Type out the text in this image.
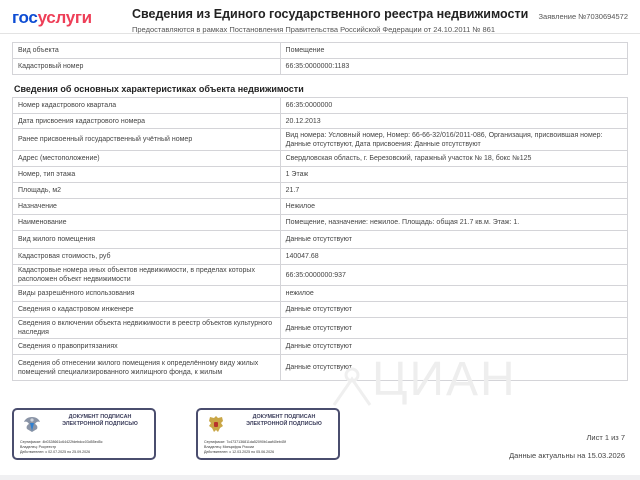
госуслуги	Сведения из Единого государственного реестра недвижимости
Предоставляются в рамках Постановления Правительства Российской Федерации от 24.10.2011 № 861
Заявление №7030694572
Вид объекта	Помещение
Кадастровый номер	66:35:0000000:1183
Сведения об основных характеристиках объекта недвижимости
Номер кадастрового квартала	66:35:0000000
Дата присвоения кадастрового номера	20.12.2013
Ранее присвоенный государственный учётный номер	Вид номера: Условный номер, Номер: 66-66-32/016/2011-086, Организация, присвоившая номер: Данные отсутствуют, Дата присвоения: Данные отсутствуют
Адрес (местоположение)	Свердловская область, г. Березовский, гаражный участок № 18, бокс №125
Номер, тип этажа	1 Этаж
Площадь, м2	21.7
Назначение	Нежилое
Наименование	Помещение, назначение: нежилое. Площадь: общая 21.7 кв.м. Этаж: 1.
Вид жилого помещения	Данные отсутствуют
Кадастровая стоимость, руб	140047.68
Кадастровые номера иных объектов недвижимости, в пределах которых расположен объект недвижимости	66:35:0000000:937
Виды разрешённого использования	нежилое
Сведения о кадастровом инженере	Данные отсутствуют
Сведения о включении объекта недвижимости в реестр объектов культурного наследия	Данные отсутствуют
Сведения о правопритязаниях	Данные отсутствуют
Сведения об отнесении жилого помещения к определённому виду жилых помещений специализированного жилищного фонда, к жилым	Данные отсутствуют ЦИАН
ДОКУМЕНТ ПОДПИСАН ЭЛЕКТРОННОЙ ПОДПИСЬЮ
Сертификат: 4b0328661c64422fdebdcc03d55ed5c
Владелец: Росреестр
Действителен: с 02.07.2025 по 25.09.2026
ДОКУМЕНТ ПОДПИСАН ЭЛЕКТРОННОЙ ПОДПИСЬЮ
Сертификат: 7c4737136811da52090b1aaf40eb45f
Владелец: Минцифры России
Действителен: с 12.03.2025 по 05.06.2026
Лист 1 из 7
Данные актуальны на 15.03.2026
